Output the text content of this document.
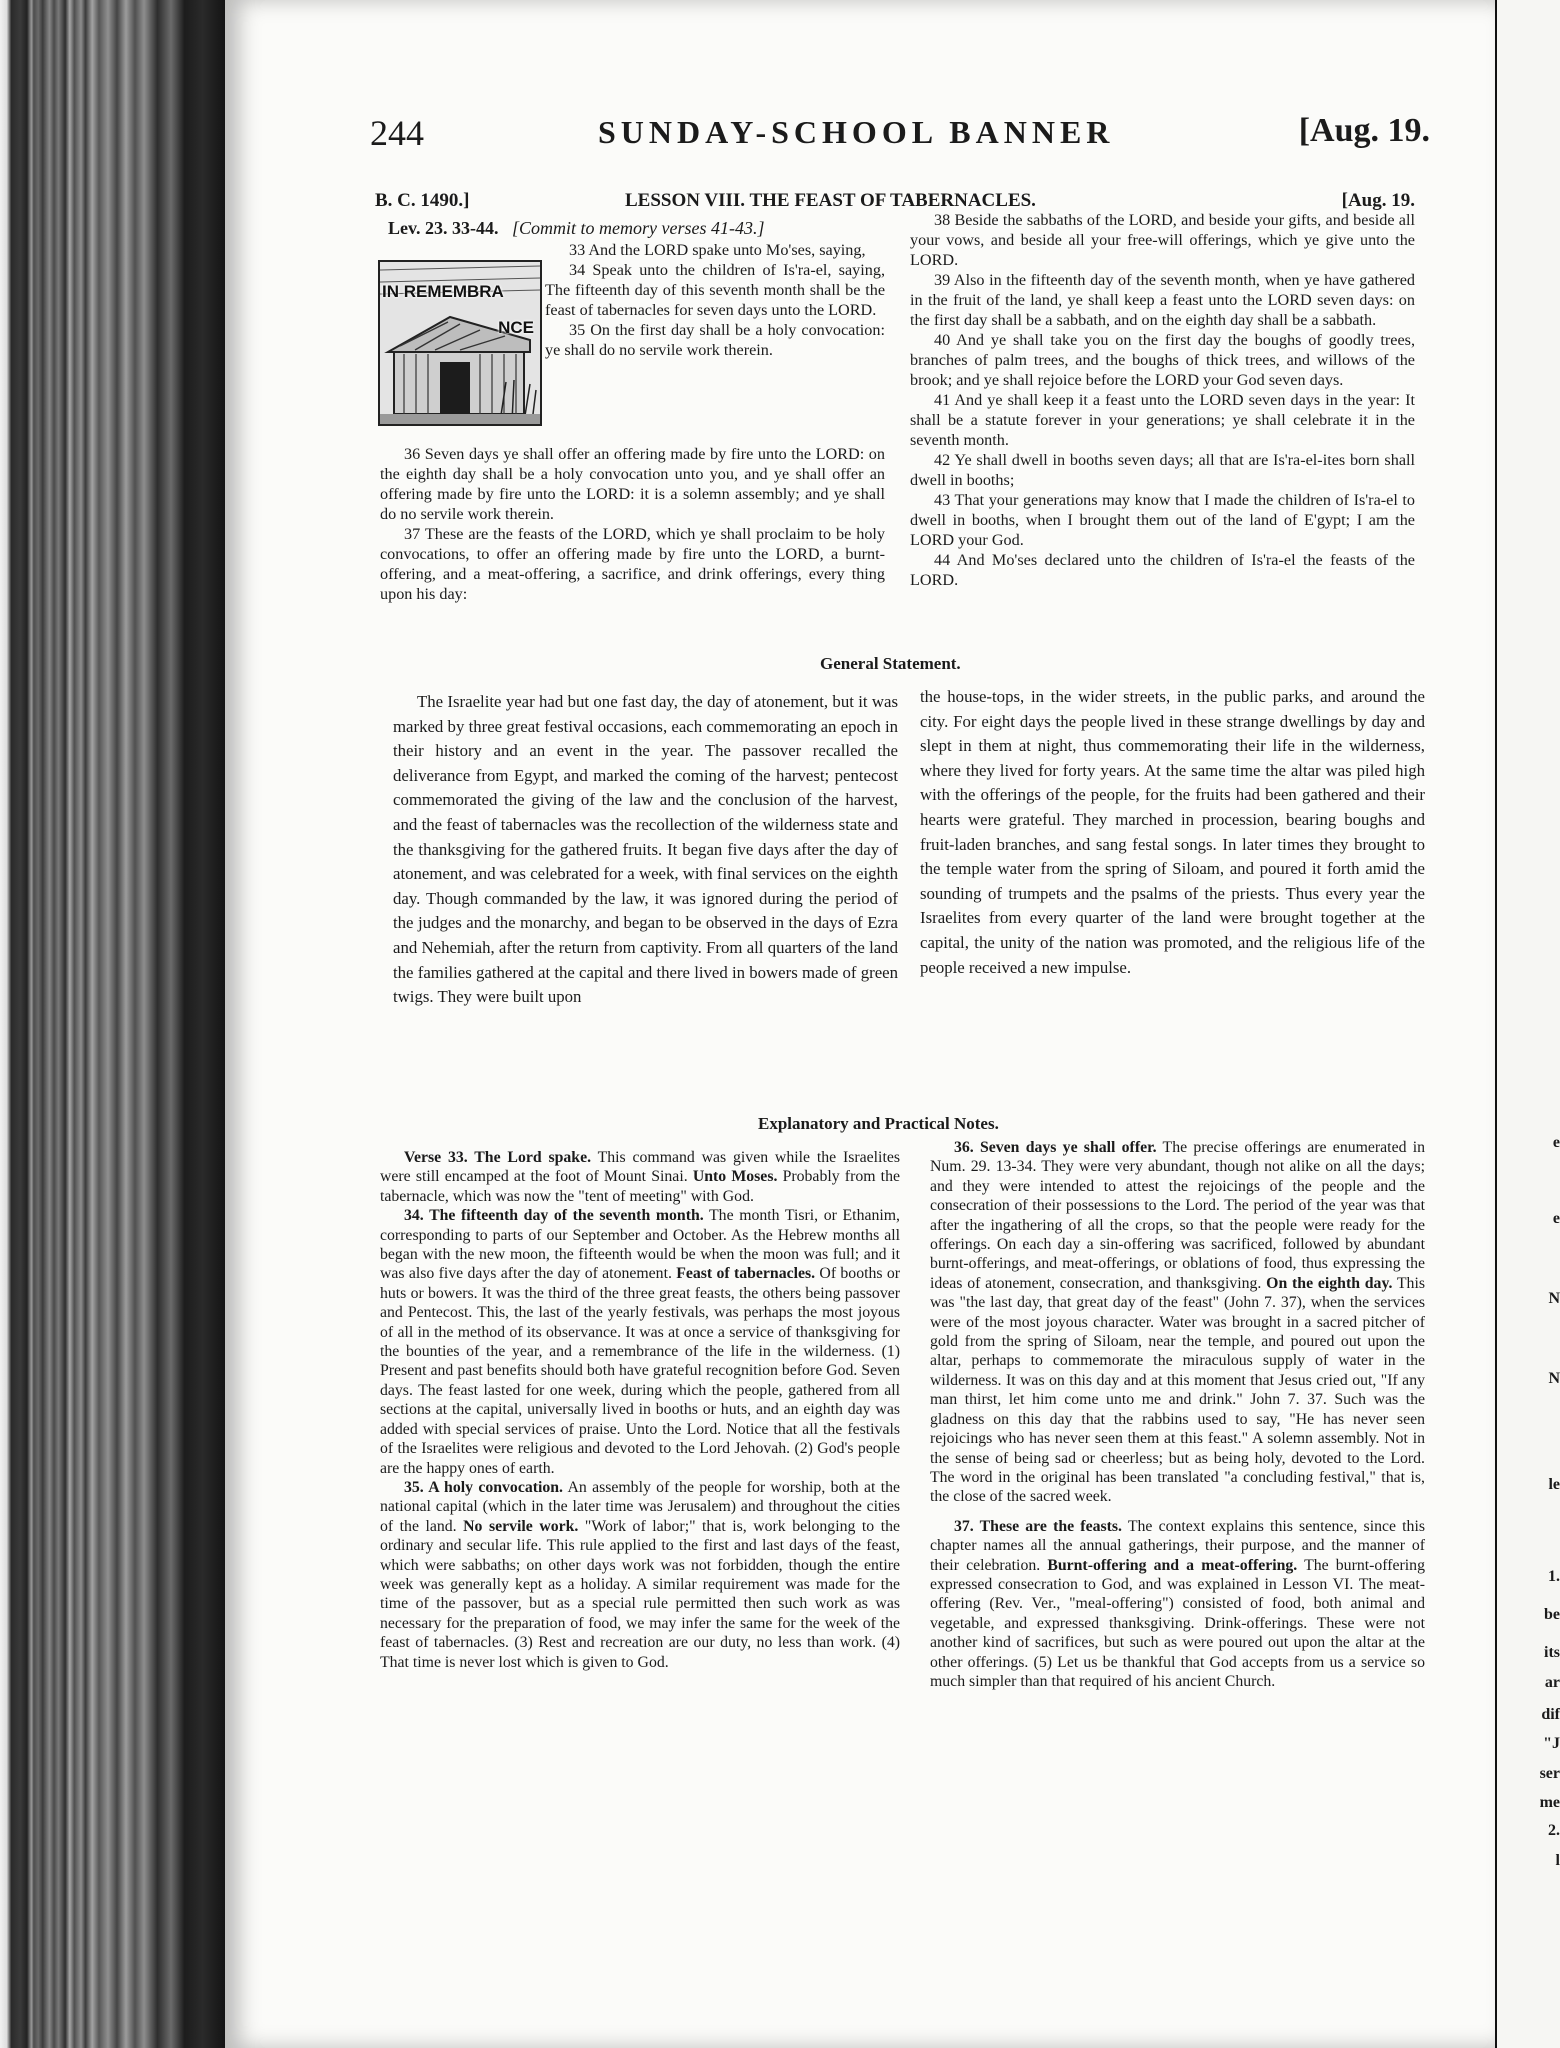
244	SUNDAY-SCHOOL BANNER	[Aug. 19.
B. C. 1490.]	LESSON VIII. THE FEAST OF TABERNACLES.	[Aug. 19.
Lev. 23. 33-44. [Commit to memory verses 41-43.]
IN REMEMBRA
NCE

33 And the LORD spake unto Mo'ses, saying,

34 Speak unto the children of Is'ra-el, saying, The fifteenth day of this seventh month shall be the feast of tabernacles for seven days unto the LORD.

35 On the first day shall be a holy convocation: ye shall do no servile work therein.

36 Seven days ye shall offer an offering made by fire unto the LORD: on the eighth day shall be a holy convocation unto you, and ye shall offer an offering made by fire unto the LORD: it is a solemn assembly; and ye shall do no servile work therein.

37 These are the feasts of the LORD, which ye shall proclaim to be holy convocations, to offer an offering made by fire unto the LORD, a burnt-offering, and a meat-offering, a sacrifice, and drink offerings, every thing upon his day:

38 Beside the sabbaths of the LORD, and beside your gifts, and beside all your vows, and beside all your free-will offerings, which ye give unto the LORD.

39 Also in the fifteenth day of the seventh month, when ye have gathered in the fruit of the land, ye shall keep a feast unto the LORD seven days: on the first day shall be a sabbath, and on the eighth day shall be a sabbath.

40 And ye shall take you on the first day the boughs of goodly trees, branches of palm trees, and the boughs of thick trees, and willows of the brook; and ye shall rejoice before the LORD your God seven days.

41 And ye shall keep it a feast unto the LORD seven days in the year: It shall be a statute forever in your generations; ye shall celebrate it in the seventh month.

42 Ye shall dwell in booths seven days; all that are Is'ra-el-ites born shall dwell in booths;

43 That your generations may know that I made the children of Is'ra-el to dwell in booths, when I brought them out of the land of E'gypt; I am the LORD your God.

44 And Mo'ses declared unto the children of Is'ra-el the feasts of the LORD.

General Statement.

The Israelite year had but one fast day, the day of atonement, but it was marked by three great festival occasions, each commemorating an epoch in their history and an event in the year. The passover recalled the deliverance from Egypt, and marked the coming of the harvest; pentecost commemorated the giving of the law and the conclusion of the harvest, and the feast of tabernacles was the recollection of the wilderness state and the thanksgiving for the gathered fruits. It began five days after the day of atonement, and was celebrated for a week, with final services on the eighth day. Though commanded by the law, it was ignored during the period of the judges and the monarchy, and began to be observed in the days of Ezra and Nehemiah, after the return from captivity. From all quarters of the land the families gathered at the capital and there lived in bowers made of green twigs. They were built upon

the house-tops, in the wider streets, in the public parks, and around the city. For eight days the people lived in these strange dwellings by day and slept in them at night, thus commemorating their life in the wilderness, where they lived for forty years. At the same time the altar was piled high with the offerings of the people, for the fruits had been gathered and their hearts were grateful. They marched in procession, bearing boughs and fruit-laden branches, and sang festal songs. In later times they brought to the temple water from the spring of Siloam, and poured it forth amid the sounding of trumpets and the psalms of the priests. Thus every year the Israelites from every quarter of the land were brought together at the capital, the unity of the nation was promoted, and the religious life of the people received a new impulse.

Explanatory and Practical Notes.

Verse 33. The Lord spake. This command was given while the Israelites were still encamped at the foot of Mount Sinai. Unto Moses. Probably from the tabernacle, which was now the "tent of meeting" with God.

34. The fifteenth day of the seventh month. The month Tisri, or Ethanim, corresponding to parts of our September and October. As the Hebrew months all began with the new moon, the fifteenth would be when the moon was full; and it was also five days after the day of atonement. Feast of tabernacles. Of booths or huts or bowers. It was the third of the three great feasts, the others being passover and Pentecost. This, the last of the yearly festivals, was perhaps the most joyous of all in the method of its observance. It was at once a service of thanksgiving for the bounties of the year, and a remembrance of the life in the wilderness. (1) Present and past benefits should both have grateful recognition before God. Seven days. The feast lasted for one week, during which the people, gathered from all sections at the capital, universally lived in booths or huts, and an eighth day was added with special services of praise. Unto the Lord. Notice that all the festivals of the Israelites were religious and devoted to the Lord Jehovah. (2) God's people are the happy ones of earth.

35. A holy convocation. An assembly of the people for worship, both at the national capital (which in the later time was Jerusalem) and throughout the cities of the land. No servile work. "Work of labor;" that is, work belonging to the ordinary and secular life. This rule applied to the first and last days of the feast, which were sabbaths; on other days work was not forbidden, though the entire week was generally kept as a holiday. A similar requirement was made for the time of the passover, but as a special rule permitted then such work as was necessary for the preparation of food, we may infer the same for the week of the feast of tabernacles. (3) Rest and recreation are our duty, no less than work. (4) That time is never lost which is given to God.

36. Seven days ye shall offer. The precise offerings are enumerated in Num. 29. 13-34. They were very abundant, though not alike on all the days; and they were intended to attest the rejoicings of the people and the consecration of their possessions to the Lord. The period of the year was that after the ingathering of all the crops, so that the people were ready for the offerings. On each day a sin-offering was sacrificed, followed by abundant burnt-offerings, and meat-offerings, or oblations of food, thus expressing the ideas of atonement, consecration, and thanksgiving. On the eighth day. This was "the last day, that great day of the feast" (John 7. 37), when the services were of the most joyous character. Water was brought in a sacred pitcher of gold from the spring of Siloam, near the temple, and poured out upon the altar, perhaps to commemorate the miraculous supply of water in the wilderness. It was on this day and at this moment that Jesus cried out, "If any man thirst, let him come unto me and drink." John 7. 37. Such was the gladness on this day that the rabbins used to say, "He has never seen rejoicings who has never seen them at this feast." A solemn assembly. Not in the sense of being sad or cheerless; but as being holy, devoted to the Lord. The word in the original has been translated "a concluding festival," that is, the close of the sacred week.

37. These are the feasts. The context explains this sentence, since this chapter names all the annual gatherings, their purpose, and the manner of their celebration. Burnt-offering and a meat-offering. The burnt-offering expressed consecration to God, and was explained in Lesson VI. The meat-offering (Rev. Ver., "meal-offering") consisted of food, both animal and vegetable, and expressed thanksgiving. Drink-offerings. These were not another kind of sacrifices, but such as were poured out upon the altar at the other offerings. (5) Let us be thankful that God accepts from us a service so much simpler than that required of his ancient Church.

e
e
N
N
le
1.
be
its
ar
dif
"J
ser
me
2.
l
